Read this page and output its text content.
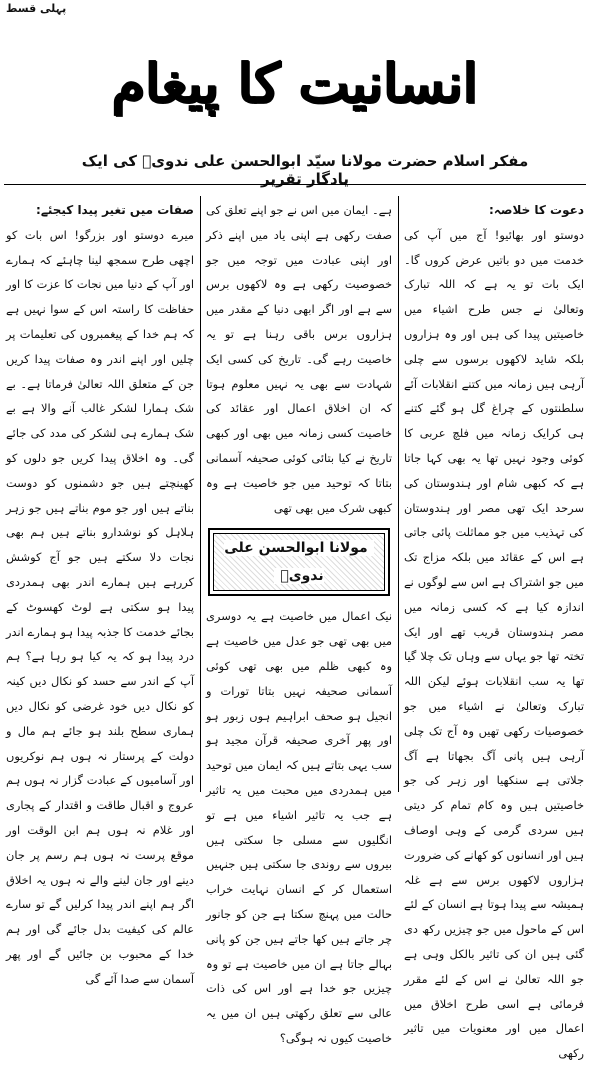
پہلی قسط
انسانیت کا پیغام
مفکر اسلام حضرت مولانا سیّد ابوالحسن علی ندویؒ کی ایک یادگار تقریر
دعوت کا خلاصہ:

دوستو اور بھائیو! آج میں آپ کی خدمت میں دو باتیں عرض کروں گا۔ ایک بات تو یہ ہے کہ اللہ تبارک وتعالیٰ نے جس طرح اشیاء میں خاصیتیں پیدا کی ہیں اور وہ ہزاروں بلکہ شاید لاکھوں برسوں سے چلی آرہی ہیں زمانہ میں کتنے انقلابات آئے سلطنتوں کے چراغ گل ہو گئے کتنے ہی کرایک زمانہ میں فلچ عربی کا کوئی وجود نہیں تھا یہ بھی کہا جاتا ہے کہ کبھی شام اور ہندوستان کی سرحد ایک تھی مصر اور ہندوستان کی تہذیب میں جو مماثلت پائی جاتی ہے اس کے عقائد میں بلکہ مزاج تک میں جو اشتراک ہے اس سے لوگوں نے اندازہ کیا ہے کہ کسی زمانہ میں مصر ہندوستان قریب تھے اور ایک تختہ تھا جو یہاں سے وہاں تک چلا گیا تھا یہ سب انقلابات ہوئے لیکن اللہ تبارک وتعالیٰ نے اشیاء میں جو خصوصیات رکھی تھیں وہ آج تک چلی آرہی ہیں پانی آگ بجھاتا ہے آگ جلاتی ہے سنکھیا اور زہر کی جو خاصیتیں ہیں وہ کام تمام کر دیتی ہیں سردی گرمی کے وہی اوصاف ہیں اور انسانوں کو کھانے کی ضرورت ہزاروں لاکھوں برس سے ہے غلہ ہمیشہ سے پیدا ہوتا ہے انسان کے لئے اس کے ماحول میں جو چیزیں رکھ دی گئی ہیں ان کی تاثیر بالکل وہی ہے جو اللہ تعالیٰ نے اس کے لئے مقرر فرمائی ہے اسی طرح اخلاق میں اعمال میں اور معنویات میں تاثیر رکھی

ہے۔ ایمان میں اس نے جو اپنے تعلق کی صفت رکھی ہے اپنی یاد میں اپنے ذکر اور اپنی عبادت میں توجہ میں جو خصوصیت رکھی ہے وہ لاکھوں برس سے ہے اور اگر ابھی دنیا کے مقدر میں ہزاروں برس باقی رہنا ہے تو یہ خاصیت رہے گی۔ تاریخ کی کسی ایک شہادت سے بھی یہ نہیں معلوم ہوتا کہ ان اخلاق اعمال اور عقائد کی خاصیت کسی زمانہ میں بھی اور کبھی تاریخ نے کیا بتائی کوئی صحیفہ آسمانی بتاتا کہ توحید میں جو خاصیت ہے وہ کبھی شرک میں بھی تھی

مولانا ابوالحسن علی ندویؒ

نیک اعمال میں خاصیت ہے یہ دوسری میں بھی تھی جو عدل میں خاصیت ہے وہ کبھی ظلم میں بھی تھی کوئی آسمانی صحیفہ نہیں بتاتا تورات و انجیل ہو صحف ابراہیم ہوں زبور ہو اور پھر آخری صحیفہ قرآن مجید ہو سب یہی بتاتے ہیں کہ ایمان میں توحید میں ہمدردی میں محبت میں یہ تاثیر ہے جب یہ تاثیر اشیاء میں ہے تو انگلیوں سے مسلی جا سکتی ہیں بیروں سے روندی جا سکتی ہیں جنہیں استعمال کر کے انسان نہایت خراب حالت میں پہنچ سکتا ہے جن کو جانور چر جاتے ہیں کھا جاتے ہیں جن کو پانی بہالے جاتا ہے ان میں خاصیت ہے تو وہ چیزیں جو خدا ہے اور اس کی ذات عالی سے تعلق رکھتی ہیں ان میں یہ خاصیت کیوں نہ ہوگی؟

صفات میں تغیر پیدا کیجئے:

میرے دوستو اور بزرگو! اس بات کو اچھی طرح سمجھ لینا چاہئے کہ ہمارے اور آپ کے دنیا میں نجات کا عزت کا اور حفاظت کا راستہ اس کے سوا نہیں ہے کہ ہم خدا کے پیغمبروں کی تعلیمات پر چلیں اور اپنے اندر وہ صفات پیدا کریں جن کے متعلق اللہ تعالیٰ فرماتا ہے۔ بے شک ہمارا لشکر غالب آنے والا ہے بے شک ہمارے ہی لشکر کی مدد کی جائے گی۔ وہ اخلاق پیدا کریں جو دلوں کو کھینچتے ہیں جو دشمنوں کو دوست بناتے ہیں اور جو موم بناتے ہیں جو زہر ہلاہل کو نوشدارو بناتے ہیں ہم بھی نجات دلا سکتے ہیں جو آج کوشش کررہے ہیں ہمارے اندر بھی ہمدردی پیدا ہو سکتی ہے لوٹ کھسوٹ کے بجائے خدمت کا جذبہ پیدا ہو ہمارے اندر درد پیدا ہو کہ یہ کیا ہو رہا ہے؟ ہم آپ کے اندر سے حسد کو نکال دیں کینہ کو نکال دیں خود غرضی کو نکال دیں ہماری سطح بلند ہو جائے ہم مال و دولت کے پرستار نہ ہوں ہم نوکریوں اور آسامیوں کے عبادت گزار نہ ہوں ہم عروج و اقبال طاقت و اقتدار کے پجاری اور غلام نہ ہوں ہم ابن الوقت اور موقع پرست نہ ہوں ہم رسم پر جان دینے اور جان لینے والے نہ ہوں یہ اخلاق اگر ہم اپنے اندر پیدا کرلیں گے تو سارے عالم کی کیفیت بدل جائے گی اور ہم خدا کے محبوب بن جائیں گے اور پھر آسمان سے صدا آئے گی
